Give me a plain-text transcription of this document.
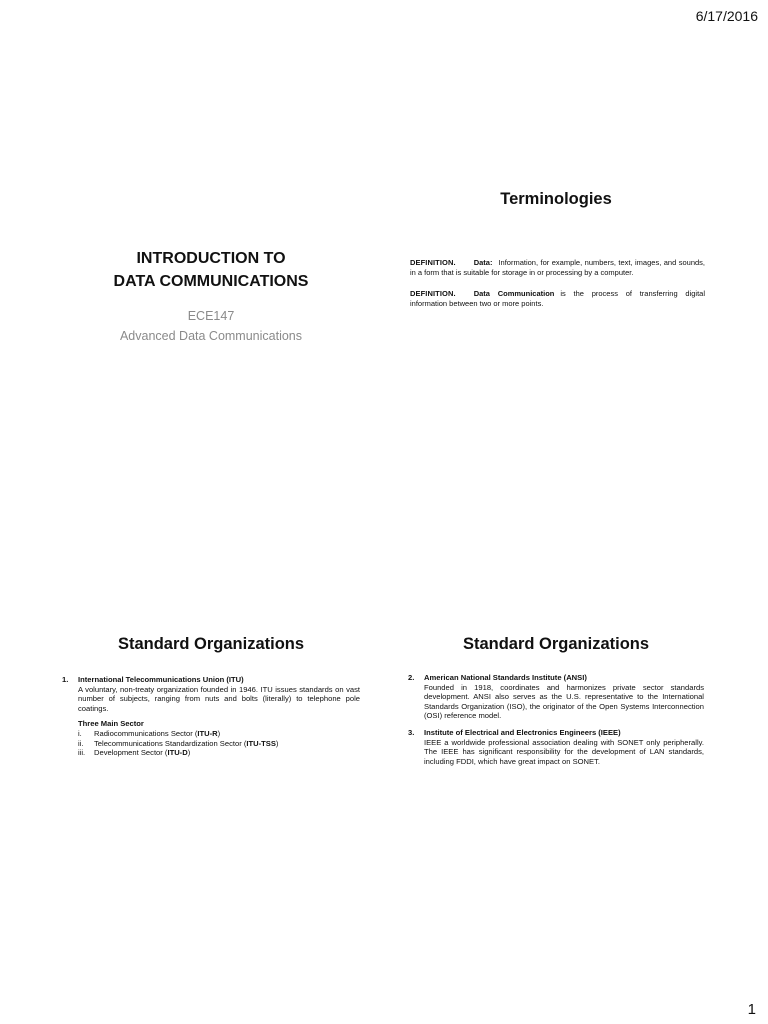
6/17/2016
INTRODUCTION TO
DATA COMMUNICATIONS
ECE147
Advanced Data Communications
Terminologies
DEFINITION. Data: Information, for example, numbers, text, images, and sounds, in a form that is suitable for storage in or processing by a computer.
DEFINITION. Data Communication is the process of transferring digital information between two or more points.
Standard Organizations
1. International Telecommunications Union (ITU)
A voluntary, non-treaty organization founded in 1946. ITU issues standards on vast number of subjects, ranging from nuts and bolts (literally) to telephone pole coatings.
Three Main Sector
i. Radiocommunications Sector (ITU-R)
ii. Telecommunications Standardization Sector (ITU-TSS)
iii. Development Sector (ITU-D)
Standard Organizations
2. American National Standards Institute (ANSI)
Founded in 1918, coordinates and harmonizes private sector standards development. ANSI also serves as the U.S. representative to the International Standards Organization (ISO), the originator of the Open Systems Interconnection (OSI) reference model.
3. Institute of Electrical and Electronics Engineers (IEEE)
IEEE a worldwide professional association dealing with SONET only peripherally. The IEEE has significant responsibility for the development of LAN standards, including FDDI, which have great impact on SONET.
1
